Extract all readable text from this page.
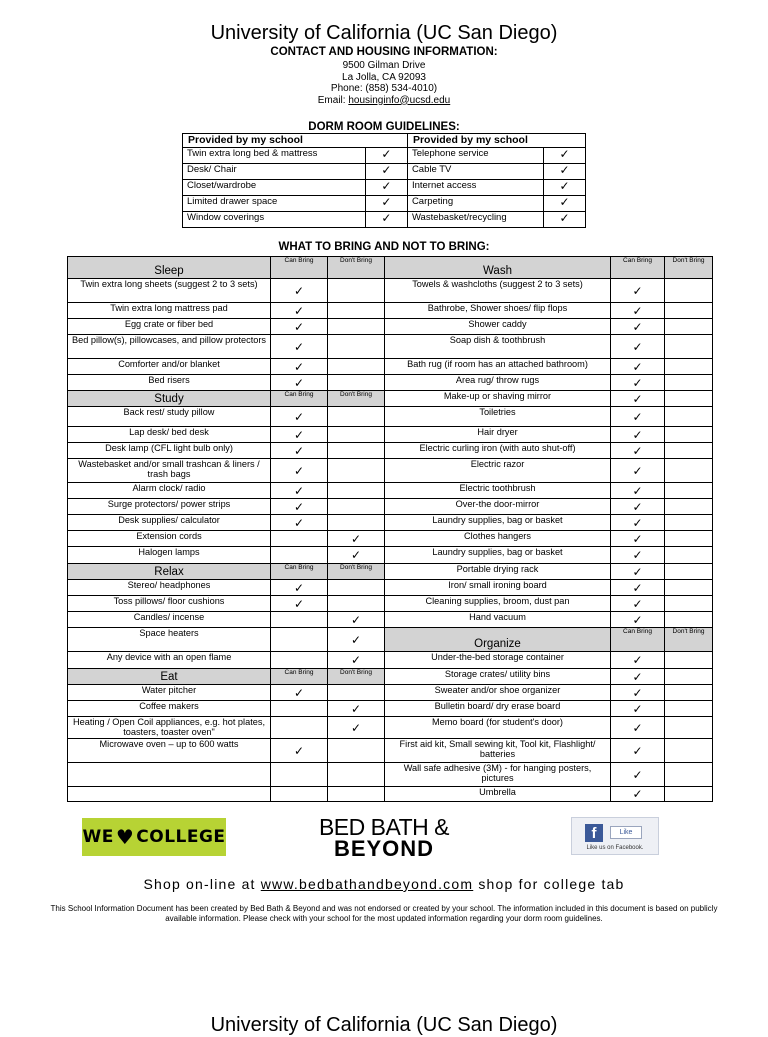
University of California (UC San Diego)
CONTACT AND HOUSING INFORMATION:
9500 Gilman Drive
La Jolla, CA 92093
Phone: (858) 534-4010)
Email: housinginfo@ucsd.edu
DORM ROOM GUIDELINES:
Provided by my school		Provided by my school	
Twin extra long bed & mattress	✓	Telephone service	✓
Desk/ Chair	✓	Cable TV	✓
Closet/wardrobe	✓	Internet access	✓
Limited drawer space	✓	Carpeting	✓
Window coverings	✓	Wastebasket/recycling	✓
WHAT TO BRING AND NOT TO BRING:
Sleep	Can Bring	Don't Bring	Wash	Can Bring	Don't Bring
Twin extra long sheets (suggest 2 to 3 sets)	✓		Towels & washcloths (suggest 2 to 3 sets)	✓	
Twin extra long mattress pad	✓		Bathrobe, Shower shoes/ flip flops	✓	
Egg crate or fiber bed	✓		Shower caddy	✓	
Bed pillow(s), pillowcases, and pillow protectors	✓		Soap dish & toothbrush	✓	
Comforter and/or blanket	✓		Bath rug (if room has an attached bathroom)	✓	
Bed risers	✓		Area rug/ throw rugs	✓	
Study	Can Bring	Don't Bring	Make-up or shaving mirror	✓	
Back rest/ study pillow	✓		Toiletries	✓	
Lap desk/ bed desk	✓		Hair dryer	✓	
Desk lamp (CFL light bulb only)	✓		Electric curling iron (with auto shut-off)	✓	
Wastebasket and/or small trashcan & liners / trash bags	✓		Electric razor	✓	
Alarm clock/ radio	✓		Electric toothbrush	✓	
Surge protectors/ power strips	✓		Over-the door-mirror	✓	
Desk supplies/ calculator	✓		Laundry supplies, bag or basket	✓	
Extension cords		✓	Clothes hangers	✓	
Halogen lamps		✓	Laundry supplies, bag or basket	✓	
Relax	Can Bring	Don't Bring	Portable drying rack	✓	
Stereo/ headphones	✓		Iron/ small ironing board	✓	
Toss pillows/ floor cushions	✓		Cleaning supplies, broom, dust pan	✓	
Candles/ incense		✓	Hand vacuum	✓	
Space heaters		✓	Organize	Can Bring	Don't Bring
Any device with an open flame		✓	Under-the-bed storage container	✓	
Eat	Can Bring	Don't Bring	Storage crates/ utility bins	✓	
Water pitcher	✓		Sweater and/or shoe organizer	✓	
Coffee makers		✓	Bulletin board/ dry erase board	✓	
Heating / Open Coil appliances, e.g. hot plates, toasters, toaster oven"		✓	Memo board (for student's door)	✓	
Microwave oven – up to 600 watts	✓		First aid kit, Small sewing kit, Tool kit, Flashlight/ batteries	✓	
			Wall safe adhesive (3M) - for hanging posters, pictures	✓	
			Umbrella	✓	
WE ♥ COLLEGE	BED BATH &
BEYOND
f	Like
Like us on Facebook.
Shop on-line at www.bedbathandbeyond.com shop for college tab
This School Information Document has been created by Bed Bath & Beyond and was not endorsed or created by your school. The information included in this document is based on publicly available information. Please check with your school for the most updated information regarding your dorm room guidelines.
University of California (UC San Diego)
